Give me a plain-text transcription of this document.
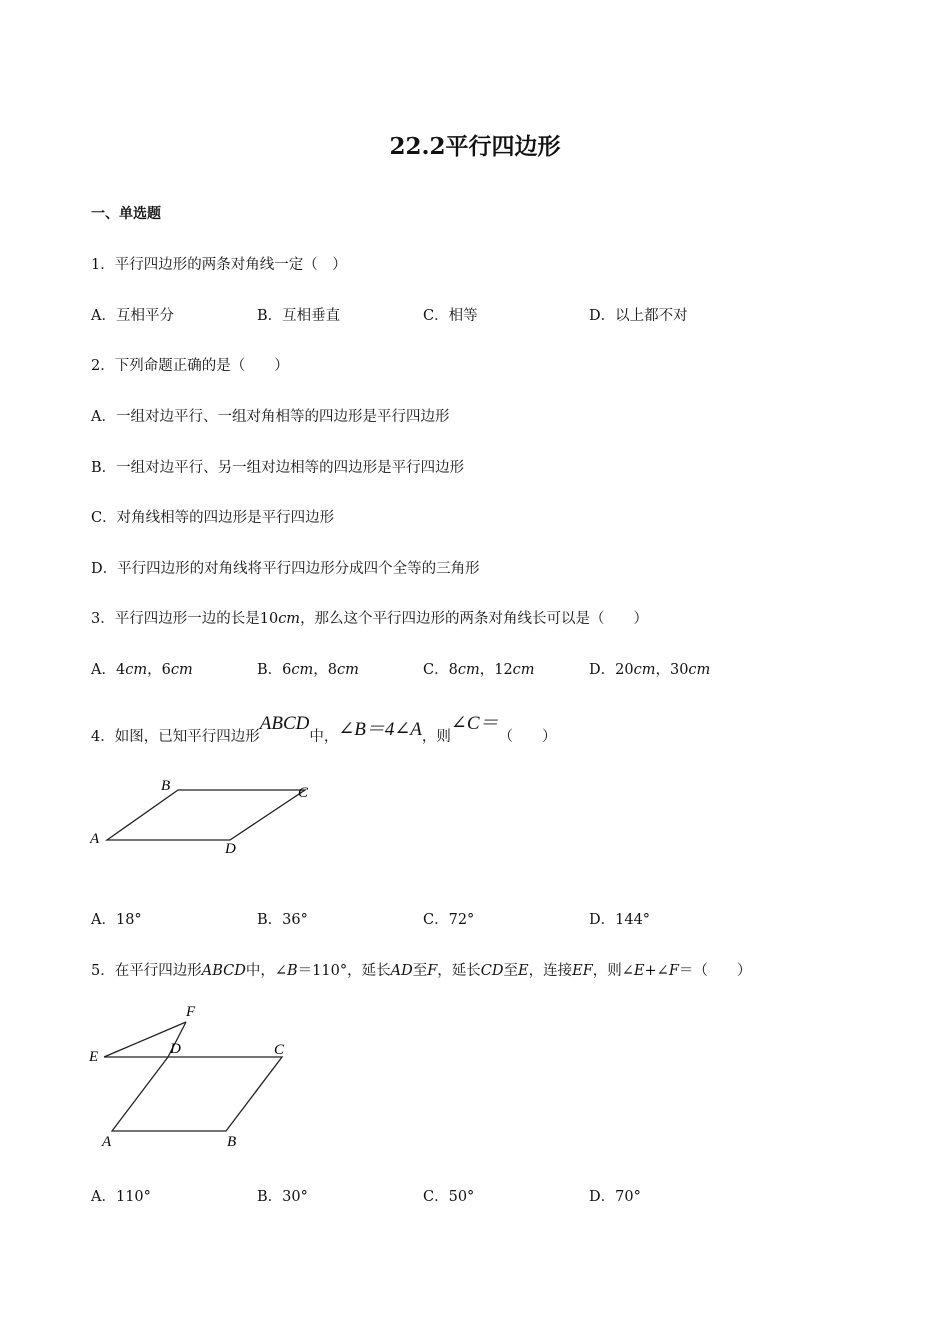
22.2平行四边形
一、单选题
1．平行四边形的两条对角线一定（　）
A．互相平分	B．互相垂直	C．相等	D．以上都不对
2．下列命题正确的是（　　）
A．一组对边平行、一组对角相等的四边形是平行四边形
B．一组对边平行、另一组对边相等的四边形是平行四边形
C．对角线相等的四边形是平行四边形
D．平行四边形的对角线将平行四边形分成四个全等的三角形
3．平行四边形一边的长是10cm，那么这个平行四边形的两条对角线长可以是（　　）
A．4cm，6cm	B．6cm，8cm	C．8cm，12cm	D．20cm，30cm
4．如图，已知平行四边形ABCD中，∠B＝4∠A，则∠C＝（　　）
A
B	C
D
A．18°	B．36°	C．72°	D．144°
5．在平行四边形ABCD中，∠B＝110°，延长AD至F，延长CD至E，连接EF，则∠E+∠F＝（　　）
E
F
D	C
A	B
A．110°	B．30°	C．50°	D．70°
